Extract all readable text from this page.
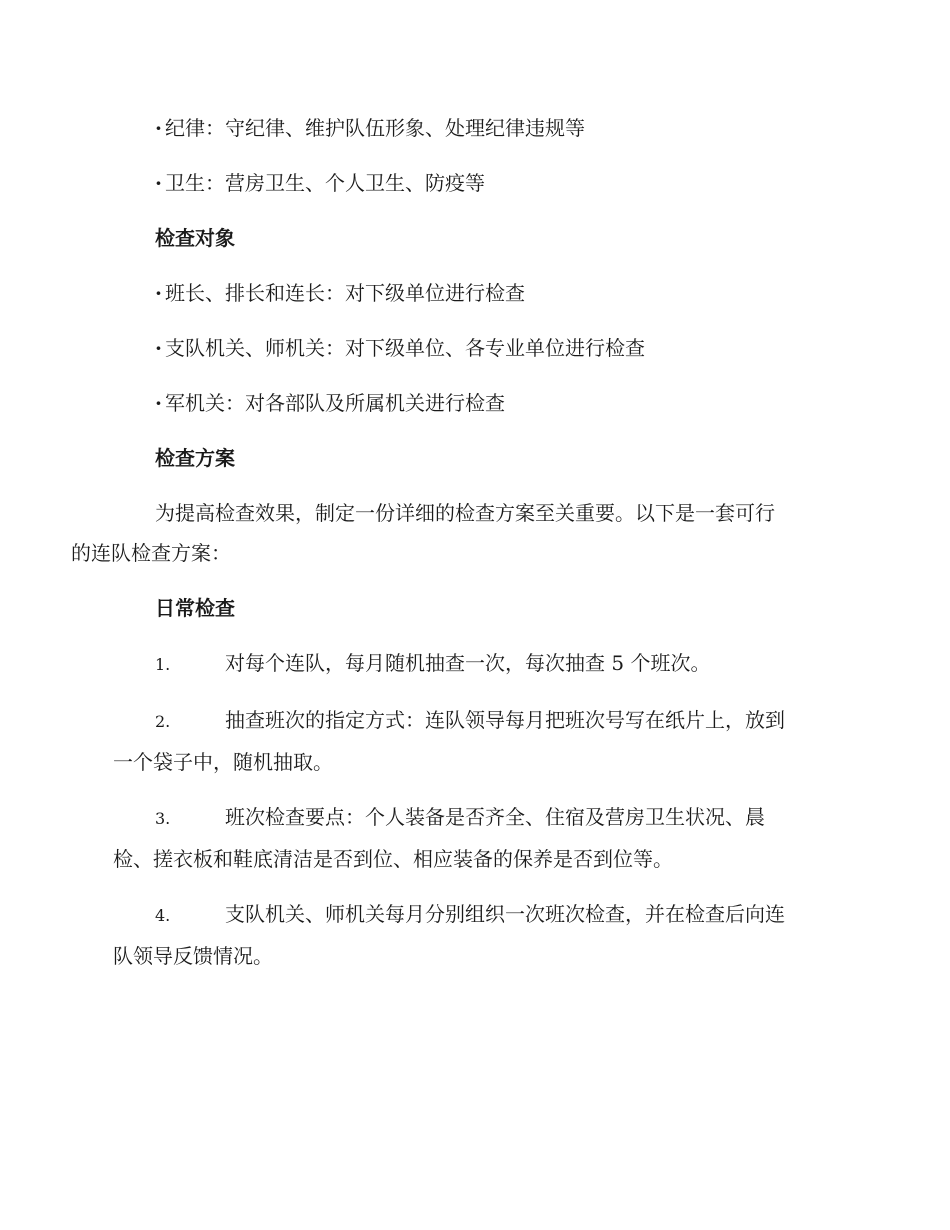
· 纪律：守纪律、维护队伍形象、处理纪律违规等
· 卫生：营房卫生、个人卫生、防疫等
检查对象
· 班长、排长和连长：对下级单位进行检查
· 支队机关、师机关：对下级单位、各专业单位进行检查
· 军机关：对各部队及所属机关进行检查
检查方案
为提高检查效果，制定一份详细的检查方案至关重要。以下是一套可行
的连队检查方案：
日常检查
1.	对每个连队，每月随机抽查一次，每次抽查 5 个班次。
2.	抽查班次的指定方式：连队领导每月把班次号写在纸片上，放到
一个袋子中，随机抽取。
3.	班次检查要点：个人装备是否齐全、住宿及营房卫生状况、晨
检、搓衣板和鞋底清洁是否到位、相应装备的保养是否到位等。
4.	支队机关、师机关每月分别组织一次班次检查，并在检查后向连
队领导反馈情况。
